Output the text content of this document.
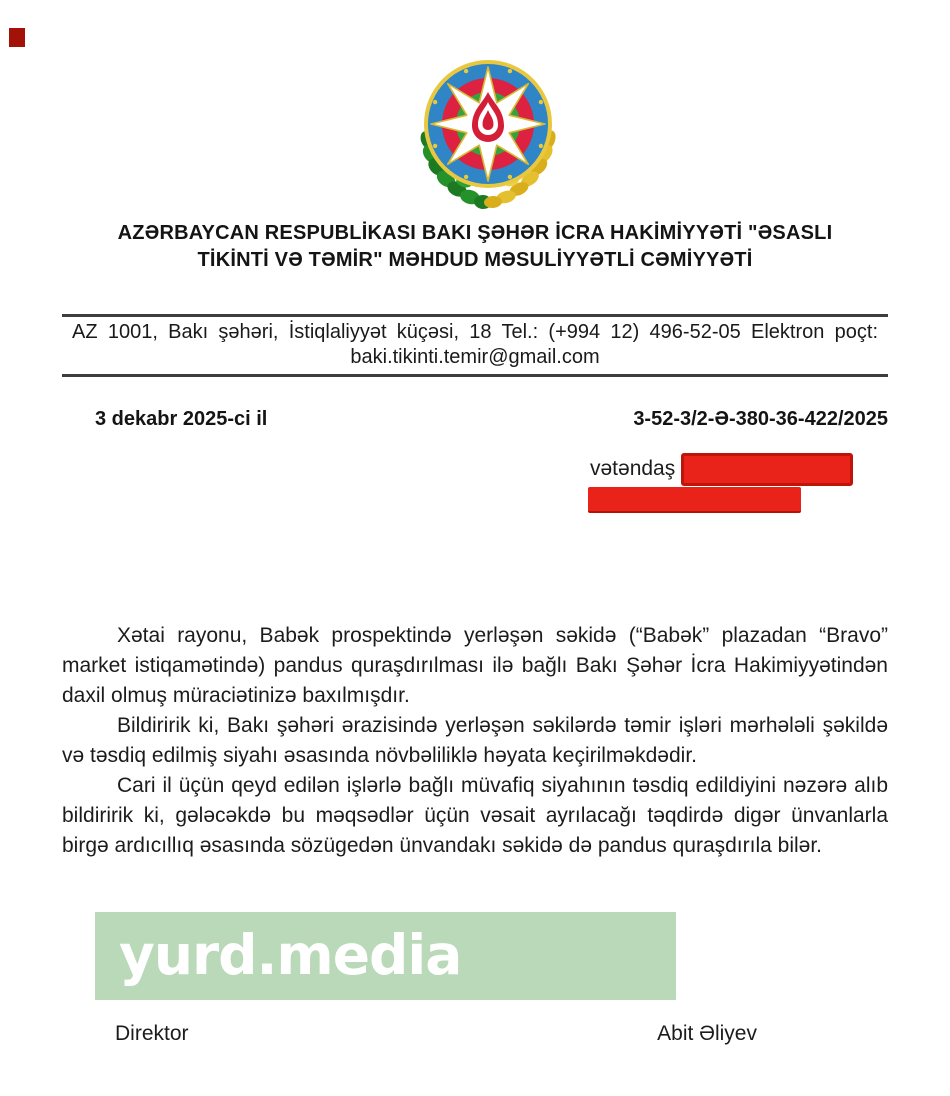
AZƏRBAYCAN RESPUBLİKASI BAKI ŞƏHƏR İCRA HAKİMİYYƏTİ "ƏSASLI
TİKİNTİ VƏ TƏMİR" MƏHDUD MƏSULİYYƏTLİ CƏMİYYƏTİ
AZ 1001, Bakı şəhəri, İstiqlaliyyət küçəsi, 18 Tel.: (+994 12) 496-52-05 Elektron poçt:
baki.tikinti.temir@gmail.com
3 dekabr 2025-ci il	3-52-3/2-Ə-380-36-422/2025
vətəndaş

Xətai rayonu, Babək prospektində yerləşən səkidə (“Babək” plazadan “Bravo” market istiqamətində) pandus quraşdırılması ilə bağlı Bakı Şəhər İcra Hakimiyyətindən daxil olmuş müraciətinizə baxılmışdır.

Bildiririk ki, Bakı şəhəri ərazisində yerləşən səkilərdə təmir işləri mərhələli şəkildə və təsdiq edilmiş siyahı əsasında növbəliliklə həyata keçirilməkdədir.

Cari il üçün qeyd edilən işlərlə bağlı müvafiq siyahının təsdiq edildiyini nəzərə alıb bildiririk ki, gələcəkdə bu məqsədlər üçün vəsait ayrılacağı təqdirdə digər ünvanlarla birgə ardıcıllıq əsasında sözügedən ünvandakı səkidə də pandus quraşdırıla bilər.

yurd.media
Direktor	Abit Əliyev
